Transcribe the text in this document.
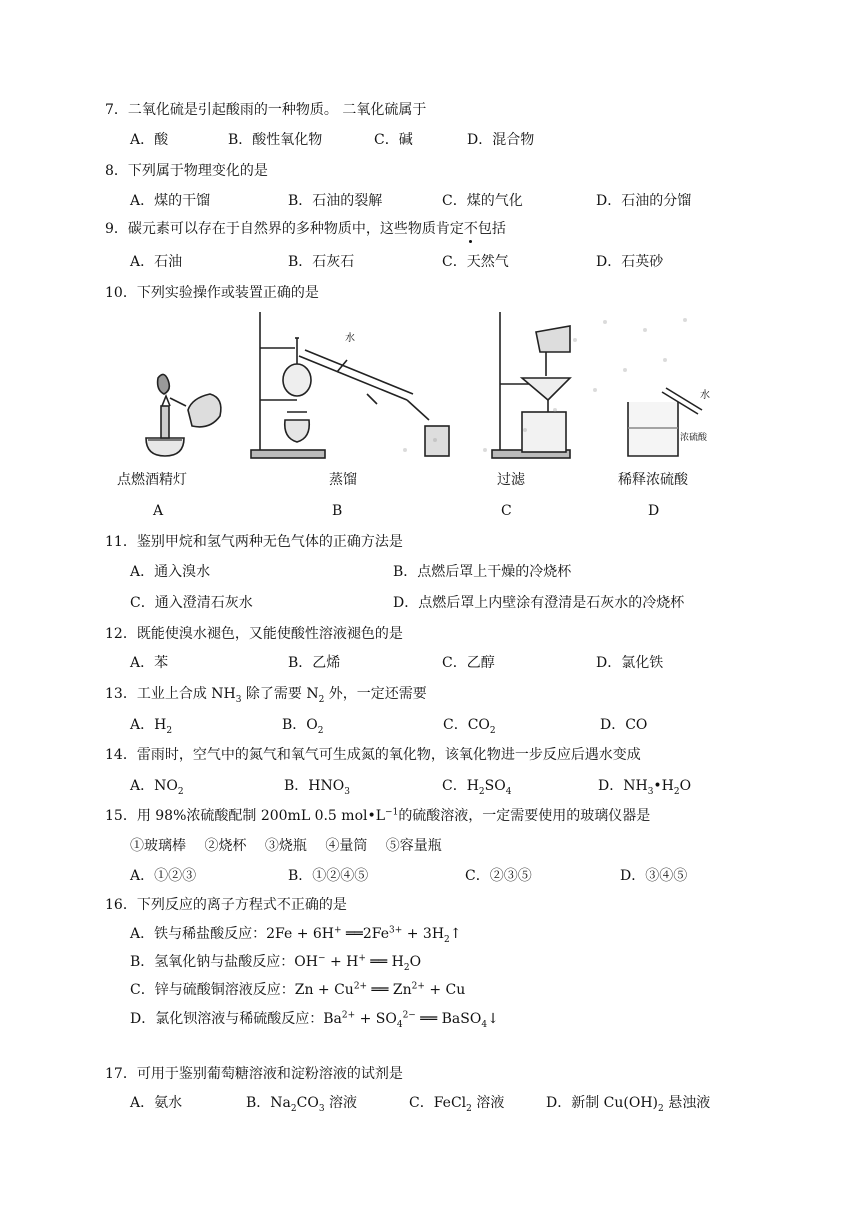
7．二氧化硫是引起酸雨的一种物质。 二氧化硫属于
A．酸	B．酸性氧化物	C．碱	D．混合物
8．下列属于物理变化的是
A．煤的干馏	B．石油的裂解	C．煤的气化	D．石油的分馏
9．碳元素可以存在于自然界的多种物质中，这些物质肯定不包括
A．石油	B．石灰石	C．天然气	D．石英砂
10．下列实验操作或装置正确的是
水
水
浓硫酸
点燃酒精灯	蒸馏	过滤	稀释浓硫酸
A	B	C	D
11．鉴别甲烷和氢气两种无色气体的正确方法是
A．通入溴水	B．点燃后罩上干燥的冷烧杯
C．通入澄清石灰水	D．点燃后罩上内壁涂有澄清是石灰水的冷烧杯
12．既能使溴水褪色，又能使酸性溶液褪色的是
A．苯	B．乙烯	C．乙醇	D．氯化铁
13．工业上合成 $NH_3$ 除了需要 $N_2$ 外，一定还需要
A．$H_2$	B．$O_2$	C．$CO_2$	D．CO
14．雷雨时，空气中的氮气和氧气可生成氮的氧化物，该氧化物进一步反应后遇水变成
A．$NO_2$	B．$HNO_3$	C．$H_2SO_4$	D．$NH_3•H_2O$
15．用 98%浓硫酸配制 200mL 0.5 $mol•L^{-1}$的硫酸溶液，一定需要使用的玻璃仪器是
①玻璃棒　 ②烧杯　 ③烧瓶　 ④量筒　 ⑤容量瓶
A．①②③	B．①②④⑤	C．②③⑤	D．③④⑤
16．下列反应的离子方程式不正确的是
A．铁与稀盐酸反应：2Fe + 6H+ $══2Fe^{3+}$ + $3H_2↑$
B．氢氧化钠与盐酸反应：OH− + H+ ══ $H_2O$
C．锌与硫酸铜溶液反应：$Zn + Cu^{2+}$ ══ $Zn^{2+} + Cu$
D．氯化钡溶液与稀硫酸反应：$Ba^{2+} + SO_4^{2-}$ ══ BaSO$_4$↓
17．可用于鉴别葡萄糖溶液和淀粉溶液的试剂是
A．氨水	B．$Na_2CO_3$ 溶液	C．FeCl$_2$ 溶液	D．新制 $Cu(OH)_2$ 悬浊液
